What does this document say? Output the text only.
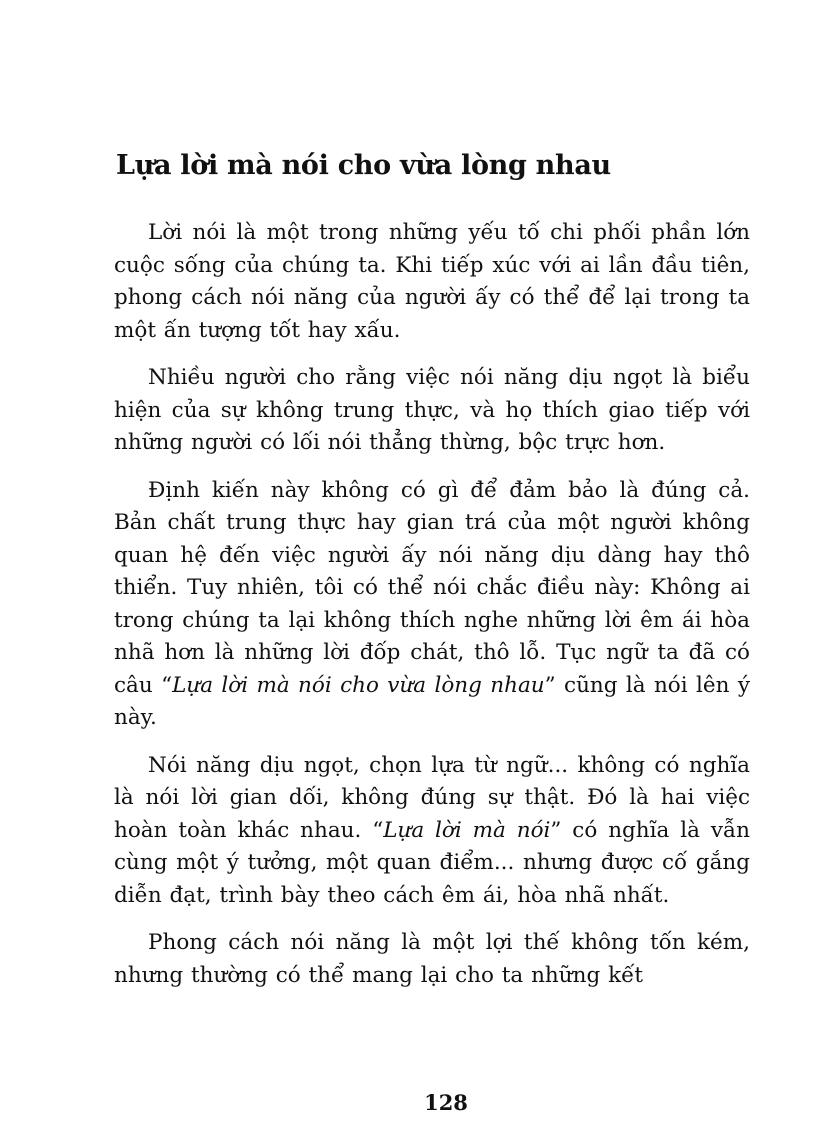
Lựa lời mà nói cho vừa lòng nhau

Lời nói là một trong những yếu tố chi phối phần lớn cuộc sống của chúng ta. Khi tiếp xúc với ai lần đầu tiên, phong cách nói năng của người ấy có thể để lại trong ta một ấn tượng tốt hay xấu.

Nhiều người cho rằng việc nói năng dịu ngọt là biểu hiện của sự không trung thực, và họ thích giao tiếp với những người có lối nói thẳng thừng, bộc trực hơn.

Định kiến này không có gì để đảm bảo là đúng cả. Bản chất trung thực hay gian trá của một người không quan hệ đến việc người ấy nói năng dịu dàng hay thô thiển. Tuy nhiên, tôi có thể nói chắc điều này: Không ai trong chúng ta lại không thích nghe những lời êm ái hòa nhã hơn là những lời đốp chát, thô lỗ. Tục ngữ ta đã có câu “Lựa lời mà nói cho vừa lòng nhau” cũng là nói lên ý này.

Nói năng dịu ngọt, chọn lựa từ ngữ... không có nghĩa là nói lời gian dối, không đúng sự thật. Đó là hai việc hoàn toàn khác nhau. “Lựa lời mà nói” có nghĩa là vẫn cùng một ý tưởng, một quan điểm... nhưng được cố gắng diễn đạt, trình bày theo cách êm ái, hòa nhã nhất.

Phong cách nói năng là một lợi thế không tốn kém, nhưng thường có thể mang lại cho ta những kết

128
